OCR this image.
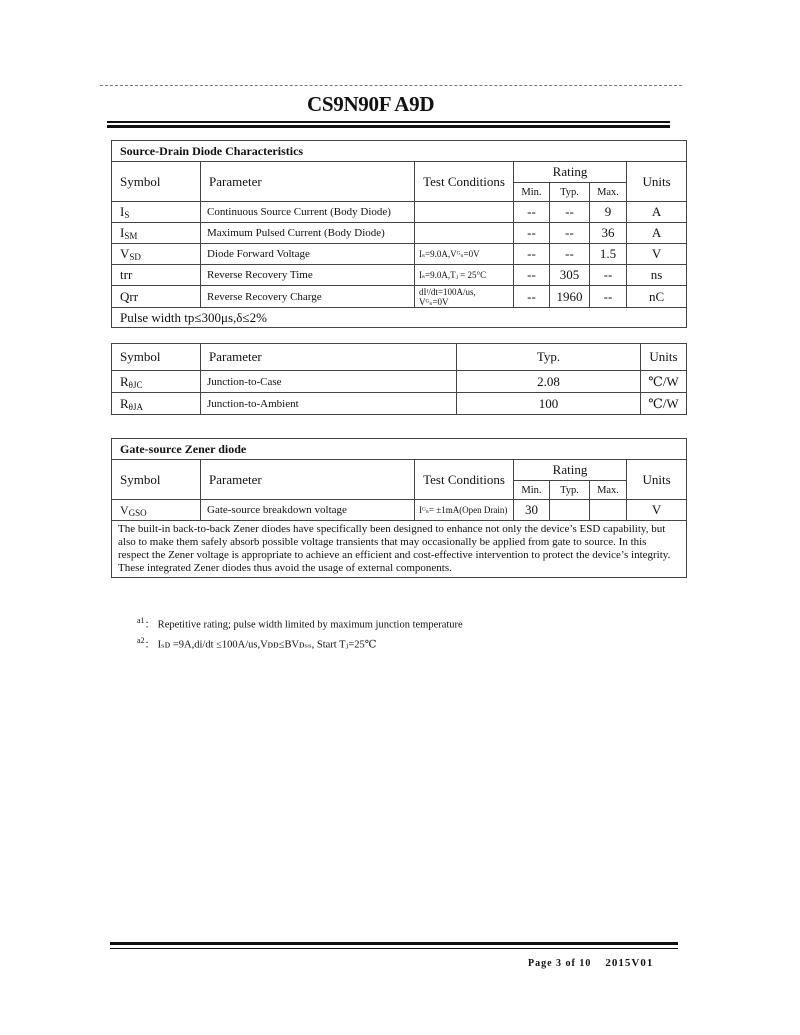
CS9N90F A9D
Source-Drain Diode Characteristics						
Symbol	Parameter	Test Conditions	Rating			Units
			Min.	Typ.	Max.	
$I_S$	Continuous Source Current (Body Diode)		--	--	9	A
$I_{SM}$	Maximum Pulsed Current (Body Diode)		--	--	36	A
$V_{SD}$	Diode Forward Voltage	Iₛ=9.0A,Vᴳₛ=0V	--	--	1.5	V
trr	Reverse Recovery Time	Iₛ=9.0A,Tⱼ = 25°C	--	305	--	ns
Qrr	Reverse Recovery Charge	dIᶠ/dt=100A/us,
Vᴳₛ=0V	--	1960	--	nC
Pulse width tp≤300μs,δ≤2%						
Symbol	Parameter	Typ.	Units
$R_{\theta JC}$	Junction-to-Case	2.08	℃/W
$R_{\theta JA}$	Junction-to-Ambient	100	℃/W
Gate-source Zener diode						
Symbol	Parameter	Test Conditions	Rating			Units
			Min.	Typ.	Max.	
$V_{GSO}$	Gate-source breakdown voltage	Iᴳₛ= ±1mA(Open Drain)	30			V
The built-in back-to-back Zener diodes have specifically been designed to enhance not only the device’s ESD capability, but also to make them safely absorb possible voltage transients that may occasionally be applied from gate to source. In this respect the Zener voltage is appropriate to achieve an efficient and cost-effective intervention to protect the device’s integrity. These integrated Zener diodes thus avoid the usage of external components.						
$^{a1}$： Repetitive rating; pulse width limited by maximum junction temperature
$^{a2}$： Iₛᴅ =9A,di/dt ≤100A/us,Vᴅᴅ≤BVᴅₛₛ, Start Tⱼ=25℃
Page 3 of 10 2015V01
